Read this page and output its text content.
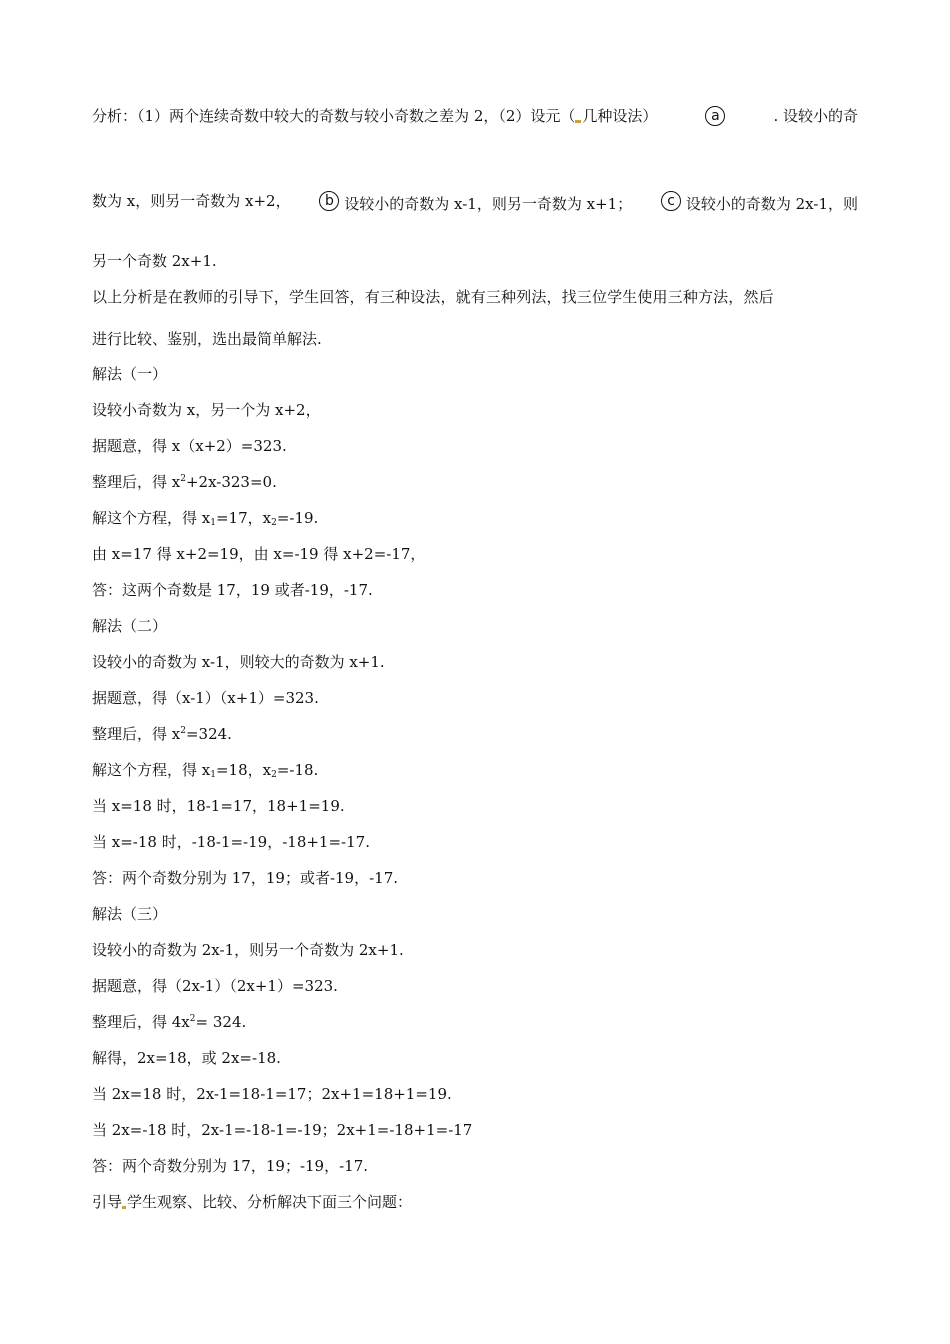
分析：（1）两个连续奇数中较大的奇数与较小奇数之差为 2，（2）设元（ 几种设法）	a	. 设较小的奇
数为 x，则另一奇数为 x+2，	b 设较小的奇数为 x-1，则另一奇数为 x+1；	c 设较小的奇数为 2x-1，则
另一个奇数 2x+1.
以上分析是在教师的引导下，学生回答，有三种设法，就有三种列法，找三位学生使用三种方法，然后
进行比较、鉴别，选出最简单解法.
解法（一）
设较小奇数为 x，另一个为 x+2，
据题意，得 x（x+2）=323.
整理后，得 $x^2+2x-323=0$.
解这个方程，得 $x_1=17$，$x_2=-19$.
由 x=17 得 x+2=19，由 x=-19 得 x+2=-17，
答：这两个奇数是 17，19 或者-19，-17.
解法（二）
设较小的奇数为 x-1，则较大的奇数为 x+1.
据题意，得（x-1）（x+1）=323.
整理后，得 $x^2=324$.
解这个方程，得 $x_1=18$，$x_2=-18$.
当 x=18 时，18-1=17，18+1=19.
当 x=-18 时，-18-1=-19，-18+1=-17.
答：两个奇数分别为 17，19；或者-19，-17.
解法（三）
设较小的奇数为 2x-1，则另一个奇数为 2x+1.
据题意，得（2x-1）（2x+1）=323.
整理后，得 $4x^2= 324$.
解得，2x=18，或 2x=-18.
当 2x=18 时，2x-1=18-1=17；2x+1=18+1=19.
当 2x=-18 时，2x-1=-18-1=-19；2x+1=-18+1=-17
答：两个奇数分别为 17，19；-19，-17.
引导 学生观察、比较、分析解决下面三个问题：
